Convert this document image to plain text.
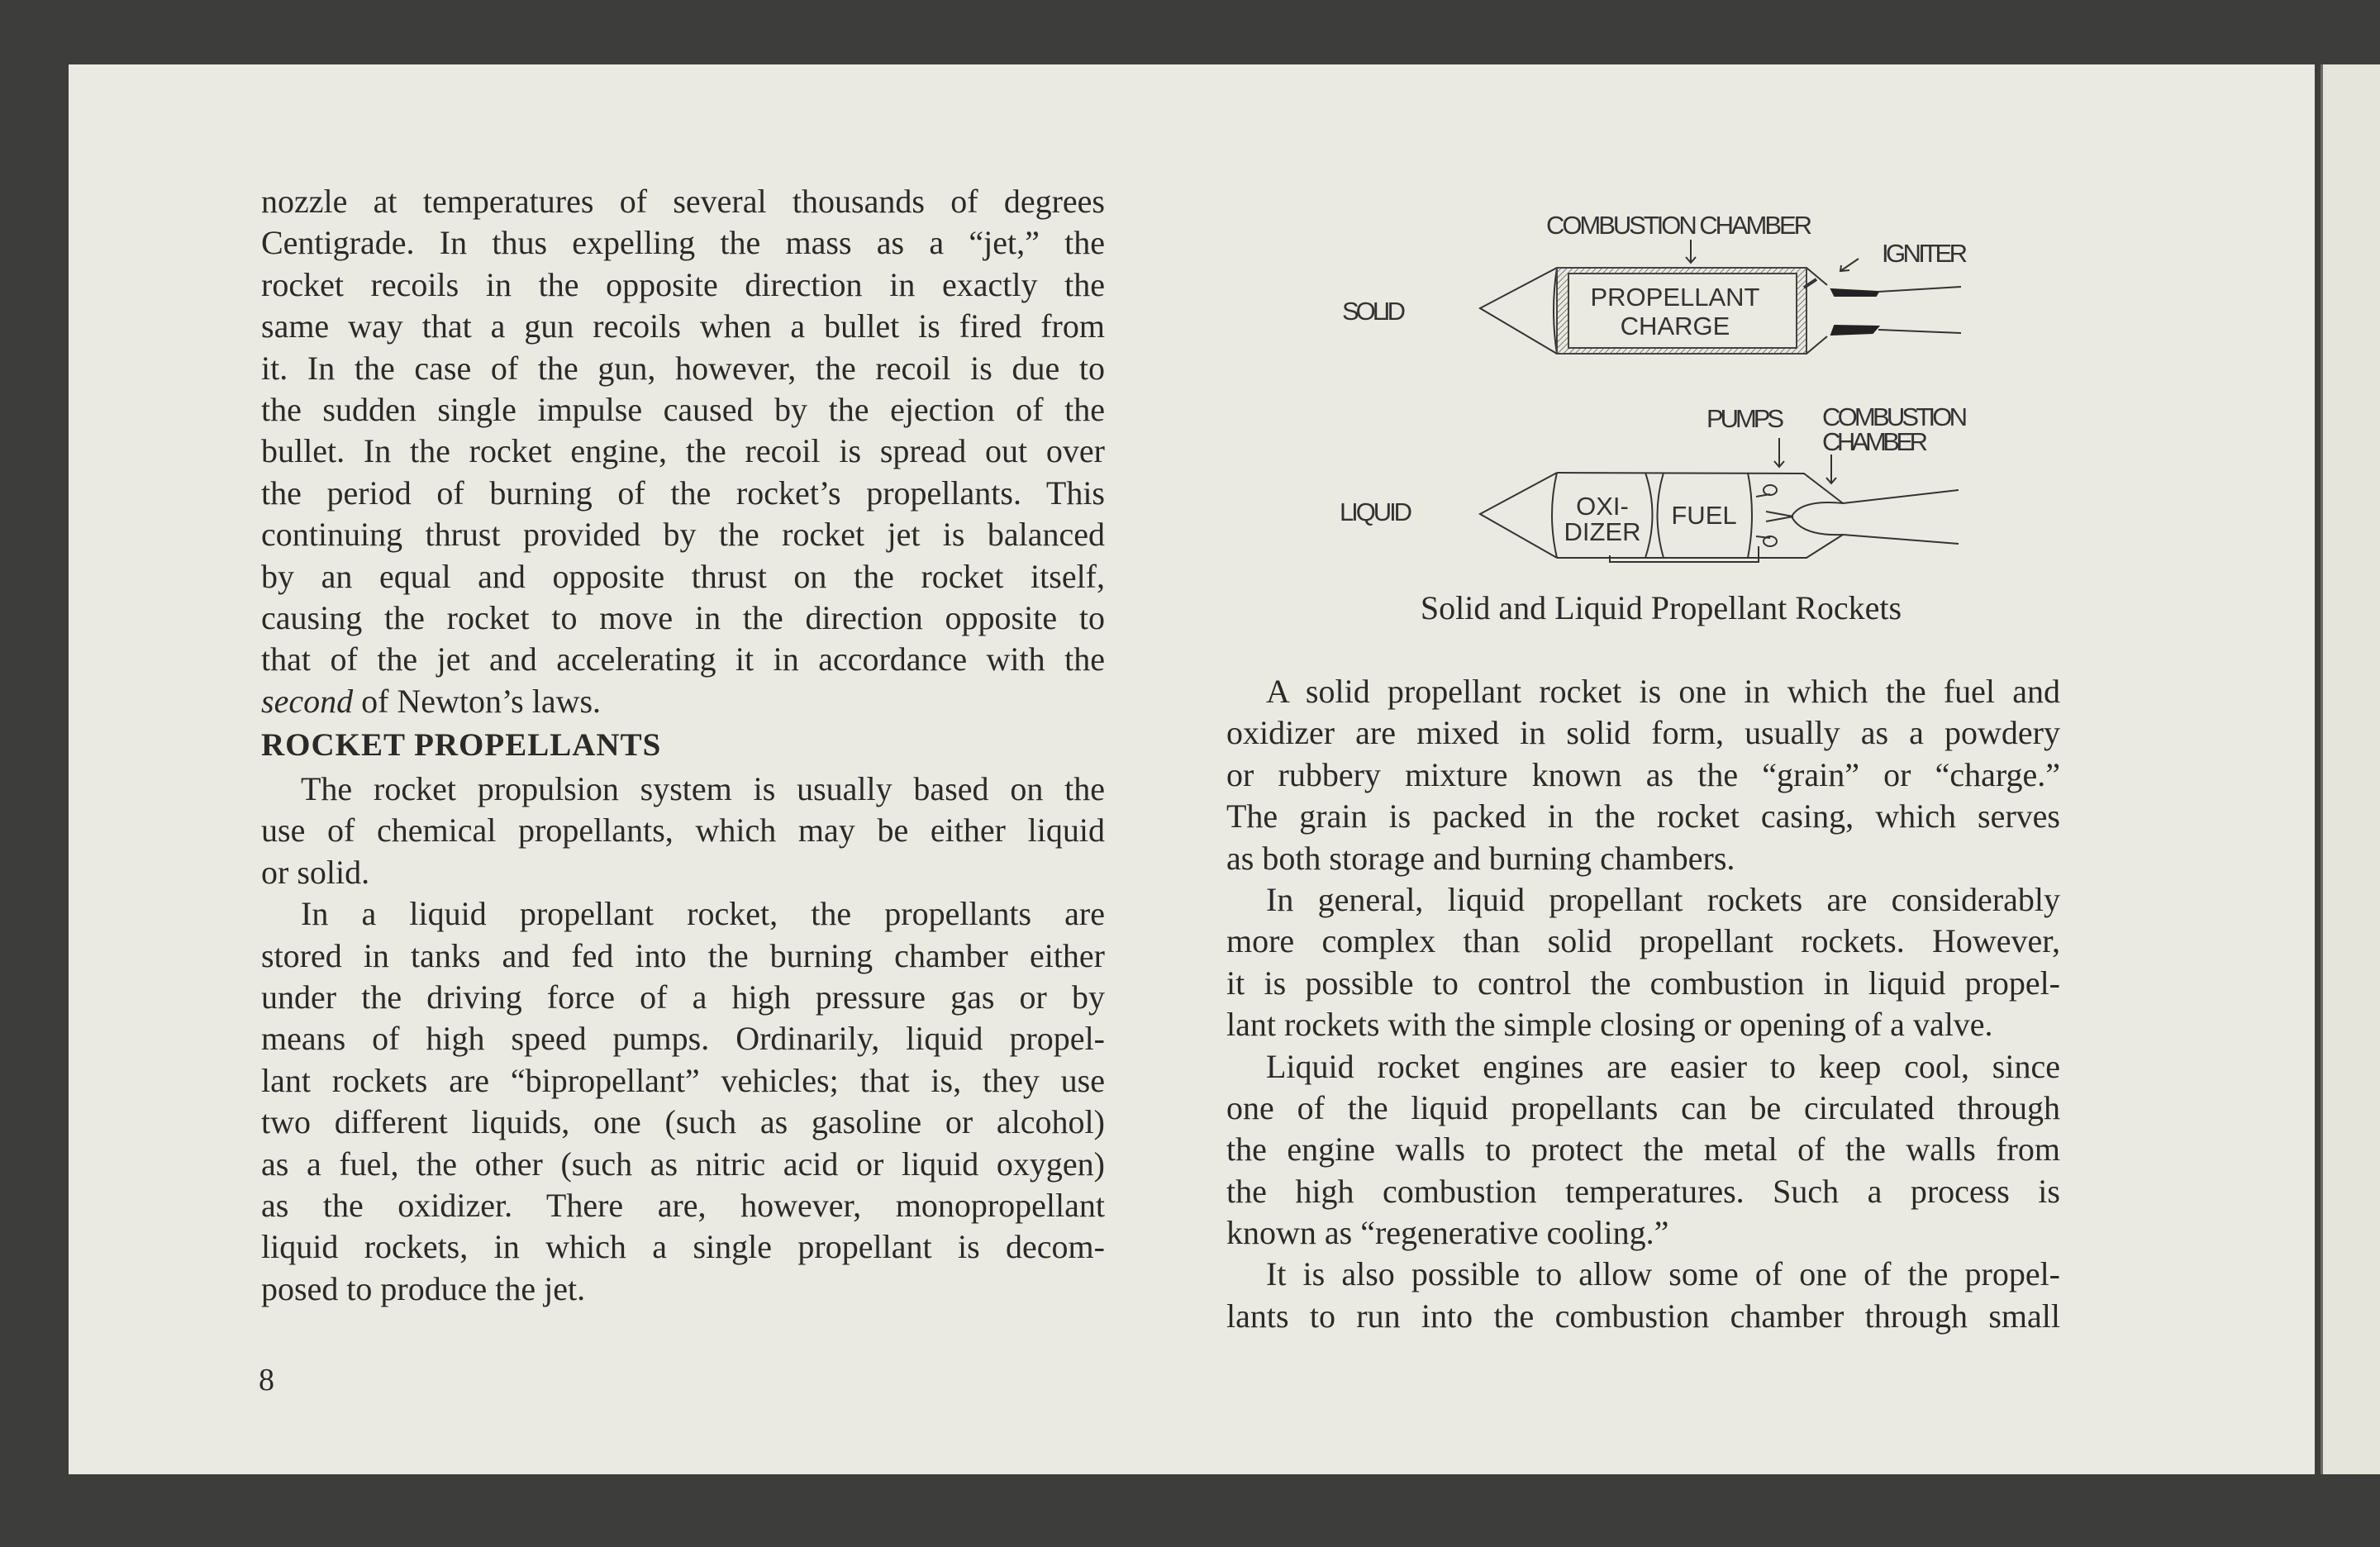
nozzle at temperatures of several thousands of degrees
Centigrade. In thus expelling the mass as a “jet,” the
rocket recoils in the opposite direction in exactly the
same way that a gun recoils when a bullet is fired from
it. In the case of the gun, however, the recoil is due to
the sudden single impulse caused by the ejection of the
bullet. In the rocket engine, the recoil is spread out over
the period of burning of the rocket’s propellants. This
continuing thrust provided by the rocket jet is balanced
by an equal and opposite thrust on the rocket itself,
causing the rocket to move in the direction opposite to
that of the jet and accelerating it in accordance with the
second of Newton’s laws.
ROCKET PROPELLANTS
The rocket propulsion system is usually based on the
use of chemical propellants, which may be either liquid
or solid.
In a liquid propellant rocket, the propellants are
stored in tanks and fed into the burning chamber either
under the driving force of a high pressure gas or by
means of high speed pumps. Ordinarily, liquid propel-
lant rockets are “bipropellant” vehicles; that is, they use
two different liquids, one (such as gasoline or alcohol)
as a fuel, the other (such as nitric acid or liquid oxygen)
as the oxidizer. There are, however, monopropellant
liquid rockets, in which a single propellant is decom-
posed to produce the jet.
A solid propellant rocket is one in which the fuel and
oxidizer are mixed in solid form, usually as a powdery
or rubbery mixture known as the “grain” or “charge.”
The grain is packed in the rocket casing, which serves
as both storage and burning chambers.
In general, liquid propellant rockets are considerably
more complex than solid propellant rockets. However,
it is possible to control the combustion in liquid propel-
lant rockets with the simple closing or opening of a valve.
Liquid rocket engines are easier to keep cool, since
one of the liquid propellants can be circulated through
the engine walls to protect the metal of the walls from
the high combustion temperatures. Such a process is
known as “regenerative cooling.”
It is also possible to allow some of one of the propel-
lants to run into the combustion chamber through small
COMBUSTION CHAMBER
IGNITER
SOLID	PROPELLANT
CHARGE
PUMPS COMBUSTION
CHAMBER
LIQUID	OXI-
DIZER
FUEL
Solid and Liquid Propellant Rockets
8
